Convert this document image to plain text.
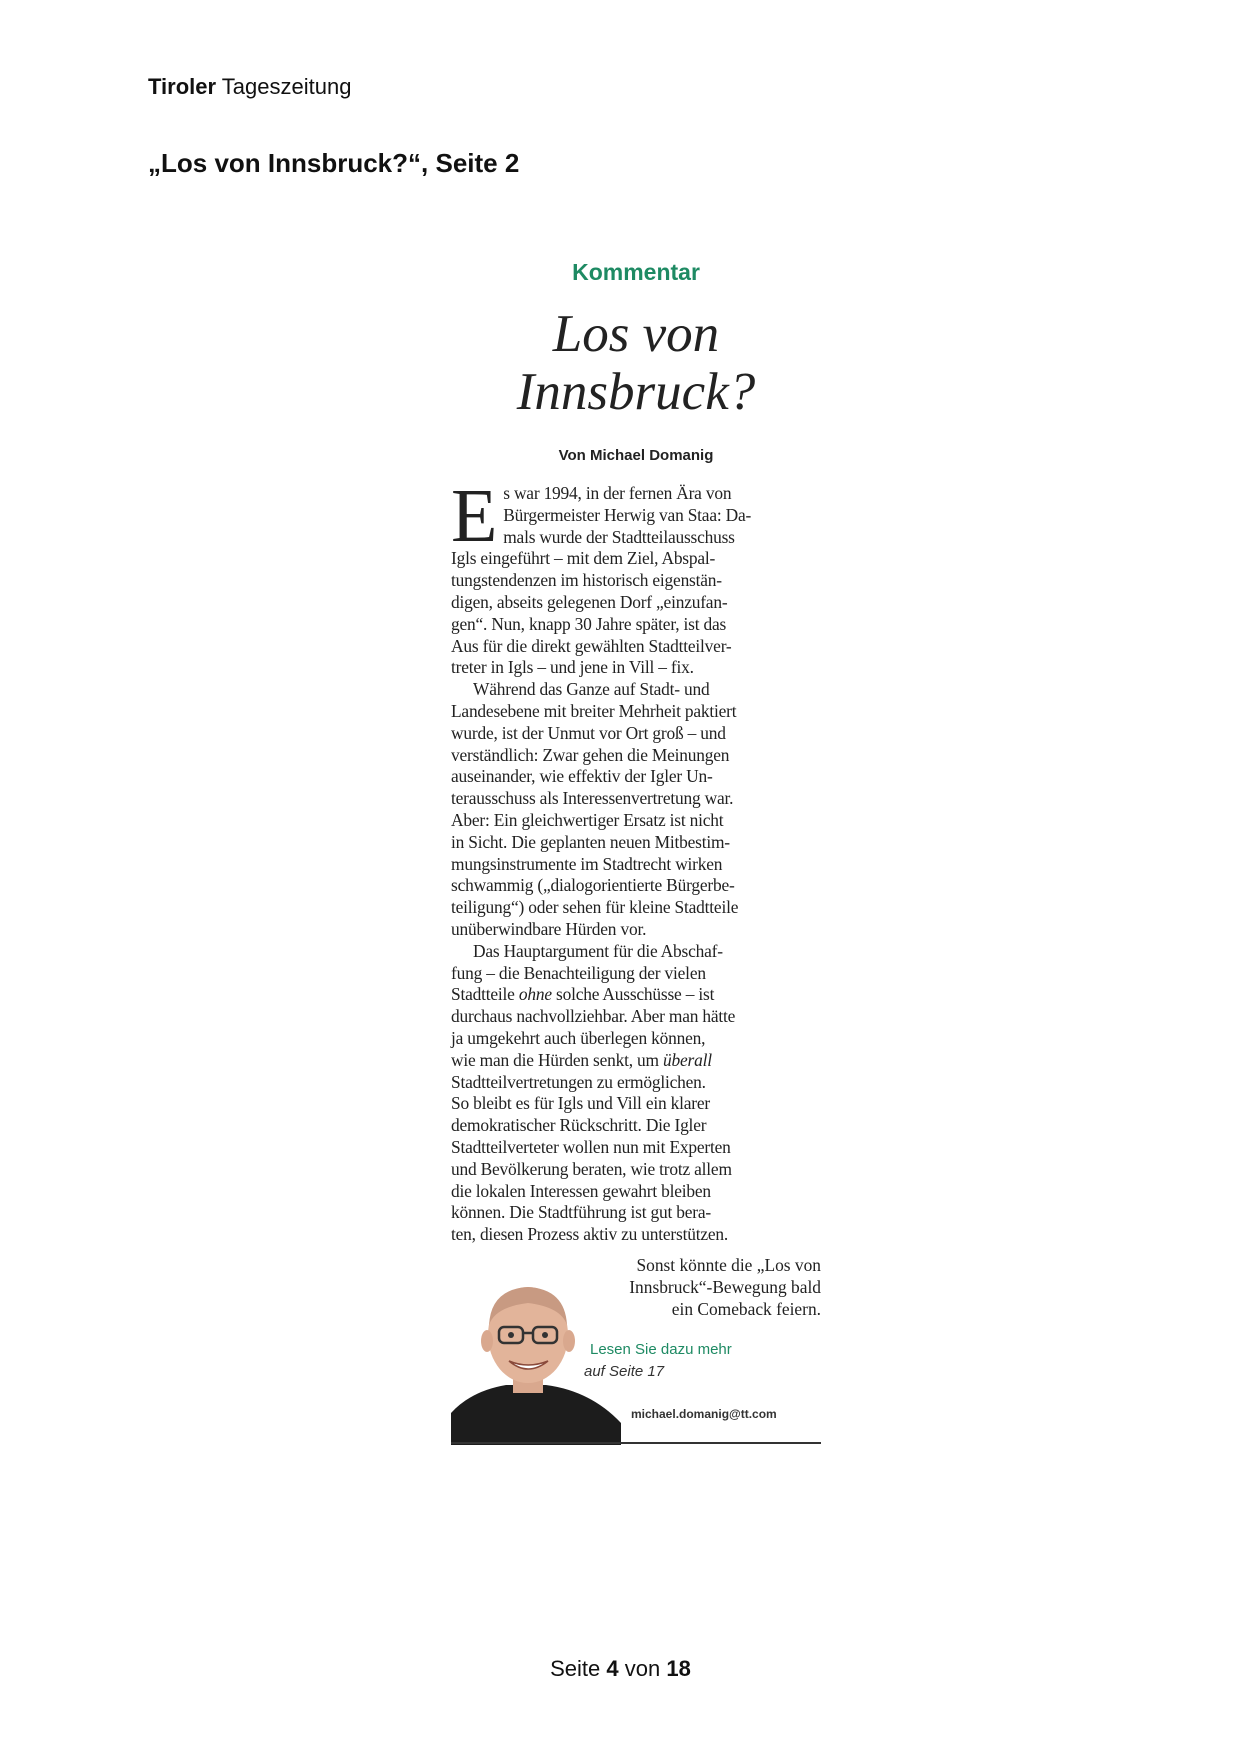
Tiroler Tageszeitung
„Los von Innsbruck?“, Seite 2
Kommentar
Los von
Innsbruck?
Von Michael Domanig

E s war 1994, in der fernen Ära von
Bürgermeister Herwig van Staa: Da-
mals wurde der Stadtteilausschuss
Igls eingeführt – mit dem Ziel, Abspal-
tungstendenzen im historisch eigenstän-
digen, abseits gelegenen Dorf „einzufan-
gen“. Nun, knapp 30 Jahre später, ist das
Aus für die direkt gewählten Stadtteilver-
treter in Igls – und jene in Vill – fix.

Während das Ganze auf Stadt- und
Landesebene mit breiter Mehrheit paktiert
wurde, ist der Unmut vor Ort groß – und
verständlich: Zwar gehen die Meinungen
auseinander, wie effektiv der Igler Un-
terausschuss als Interessenvertretung war.
Aber: Ein gleichwertiger Ersatz ist nicht
in Sicht. Die geplanten neuen Mitbestim-
mungsinstrumente im Stadtrecht wirken
schwammig („dialogorientierte Bürgerbe-
teiligung“) oder sehen für kleine Stadtteile
unüberwindbare Hürden vor.

Das Hauptargument für die Abschaf-
fung – die Benachteiligung der vielen
Stadtteile ohne solche Ausschüsse – ist
durchaus nachvollziehbar. Aber man hätte
ja umgekehrt auch überlegen können,
wie man die Hürden senkt, um überall
Stadtteilvertretungen zu ermöglichen.
So bleibt es für Igls und Vill ein klarer
demokratischer Rückschritt. Die Igler
Stadtteilverteter wollen nun mit Experten
und Bevölkerung beraten, wie trotz allem
die lokalen Interessen gewahrt bleiben
können. Die Stadtführung ist gut bera-
ten, diesen Prozess aktiv zu unterstützen.

Sonst könnte die „Los von
Innsbruck“-Bewegung bald
ein Comeback feiern.
Lesen Sie dazu mehr
auf Seite 17
michael.domanig@tt.com
Seite 4 von 18
